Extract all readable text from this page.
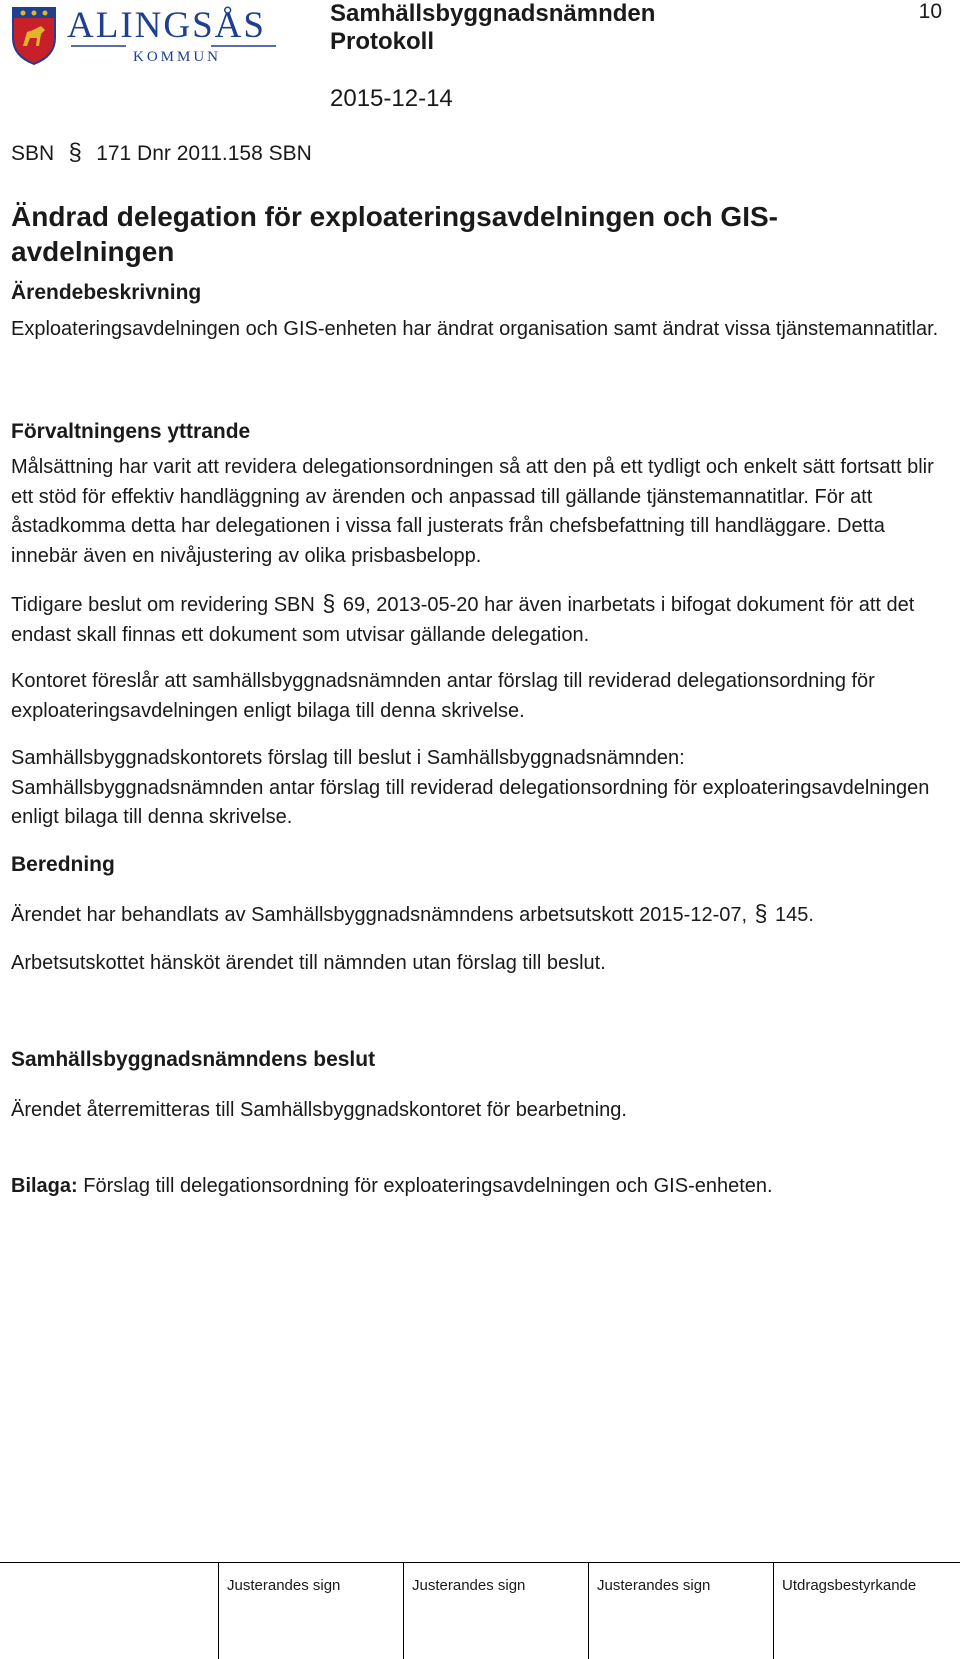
ALINGSÅS
KOMMUN
Samhällsbyggnadsnämnden
Protokoll
2015-12-14
10
SBN § 171 Dnr 2011.158 SBN
Ändrad delegation för exploateringsavdelningen och GIS-avdelningen
Ärendebeskrivning
Exploateringsavdelningen och GIS-enheten har ändrat organisation samt ändrat vissa tjänstemannatitlar.
Förvaltningens yttrande
Målsättning har varit att revidera delegationsordningen så att den på ett tydligt och enkelt sätt fortsatt blir ett stöd för effektiv handläggning av ärenden och anpassad till gällande tjänstemannatitlar. För att åstadkomma detta har delegationen i vissa fall justerats från chefsbefattning till handläggare. Detta innebär även en nivåjustering av olika prisbasbelopp.
Tidigare beslut om revidering SBN § 69, 2013-05-20 har även inarbetats i bifogat dokument för att det endast skall finnas ett dokument som utvisar gällande delegation.
Kontoret föreslår att samhällsbyggnadsnämnden antar förslag till reviderad delegationsordning för exploateringsavdelningen enligt bilaga till denna skrivelse.
Samhällsbyggnadskontorets förslag till beslut i Samhällsbyggnadsnämnden:
Samhällsbyggnadsnämnden antar förslag till reviderad delegationsordning för exploateringsavdelningen enligt bilaga till denna skrivelse.
Beredning
Ärendet har behandlats av Samhällsbyggnadsnämndens arbetsutskott 2015-12-07, § 145.
Arbetsutskottet hänsköt ärendet till nämnden utan förslag till beslut.
Samhällsbyggnadsnämndens beslut
Ärendet återremitteras till Samhällsbyggnadskontoret för bearbetning.
Bilaga: Förslag till delegationsordning för exploateringsavdelningen och GIS-enheten.
Justerandes sign	Justerandes sign	Justerandes sign	Utdragsbestyrkande
